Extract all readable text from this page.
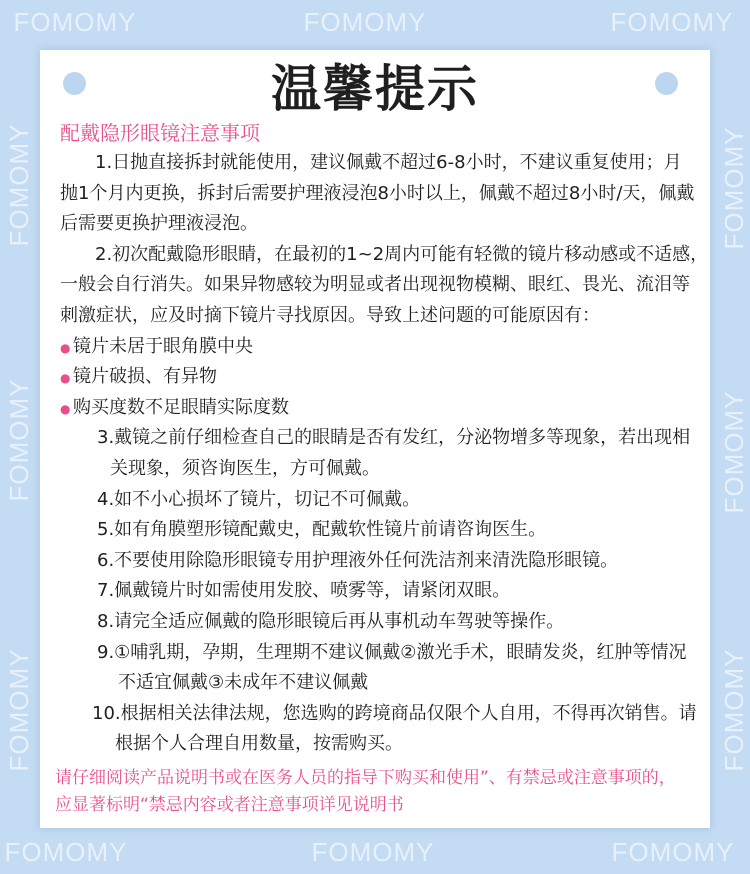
FOMOMY	FOMOMY	FOMOMY
FOMOMY	FOMOMY	FOMOMY
FOMOMY
FOMOMY
FOMOMY
FOMOMY
FOMOMY
FOMOMY
温馨提示
配戴隐形眼镜注意事项
1.日抛直接拆封就能使用，建议佩戴不超过6-8小时，不建议重复使用；月
抛1个月内更换，拆封后需要护理液浸泡8小时以上，佩戴不超过8小时/天，佩戴
后需要更换护理液浸泡。
2.初次配戴隐形眼睛，在最初的1~2周内可能有轻微的镜片移动感或不适感，
一般会自行消失。如果异物感较为明显或者出现视物模糊、眼红、畏光、流泪等
刺激症状，应及时摘下镜片寻找原因。导致上述问题的可能原因有：
● 镜片未居于眼角膜中央
● 镜片破损、有异物
● 购买度数不足眼睛实际度数
3.戴镜之前仔细检查自己的眼睛是否有发红，分泌物增多等现象，若出现相
关现象，须咨询医生，方可佩戴。
4.如不小心损坏了镜片，切记不可佩戴。
5.如有角膜塑形镜配戴史，配戴软性镜片前请咨询医生。
6.不要使用除隐形眼镜专用护理液外任何洗洁剂来清洗隐形眼镜。
7.佩戴镜片时如需使用发胶、喷雾等，请紧闭双眼。
8.请完全适应佩戴的隐形眼镜后再从事机动车驾驶等操作。
9.①哺乳期，孕期，生理期不建议佩戴②激光手术，眼睛发炎，红肿等情况
不适宜佩戴③未成年不建议佩戴
10.根据相关法律法规，您选购的跨境商品仅限个人自用，不得再次销售。请
根据个人合理自用数量，按需购买。
请仔细阅读产品说明书或在医务人员的指导下购买和使用”、有禁忌或注意事项的，
应显著标明“禁忌内容或者注意事项详见说明书
